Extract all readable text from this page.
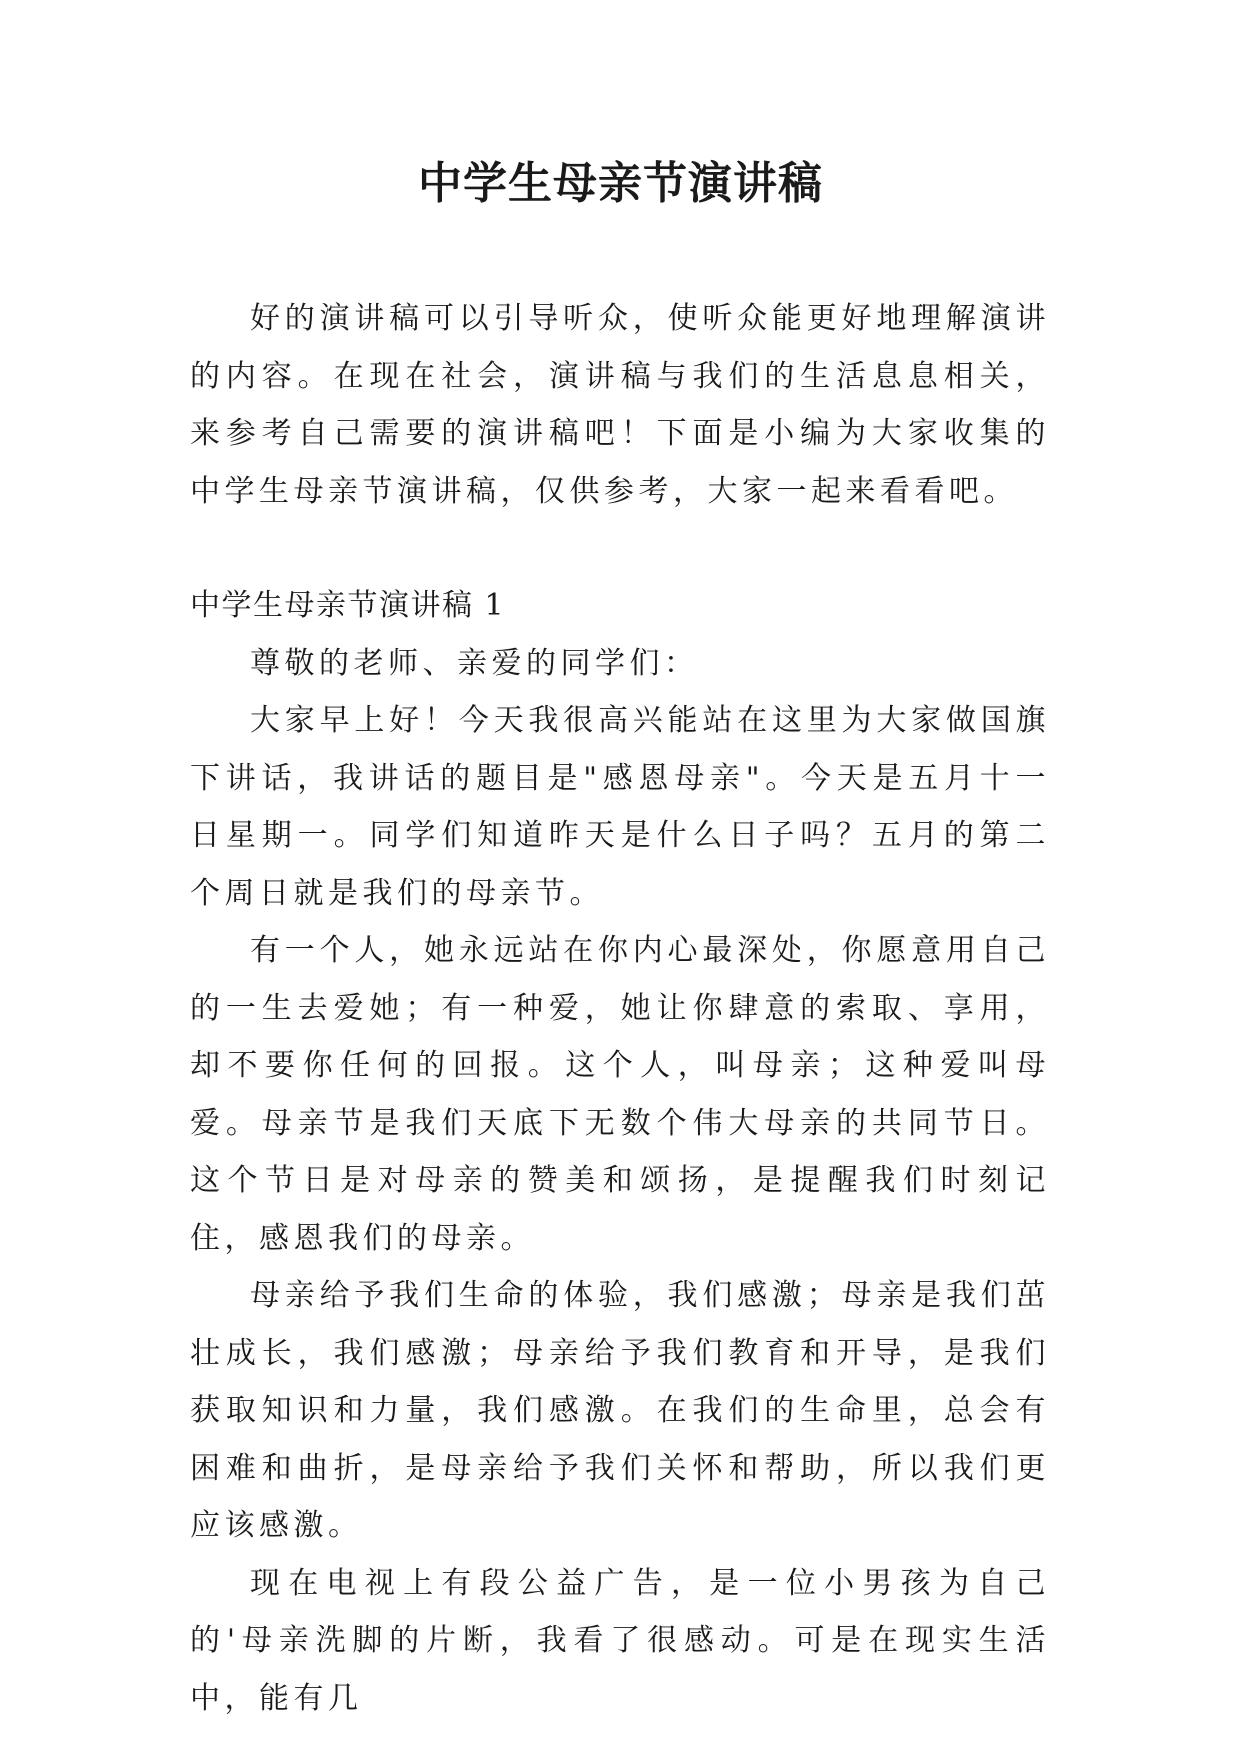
中学生母亲节演讲稿

好的演讲稿可以引导听众，使听众能更好地理解演讲的内容。在现在社会，演讲稿与我们的生活息息相关，来参考自己需要的演讲稿吧！下面是小编为大家收集的中学生母亲节演讲稿，仅供参考，大家一起来看看吧。

中学生母亲节演讲稿 1

尊敬的老师、亲爱的同学们：

大家早上好！今天我很高兴能站在这里为大家做国旗下讲话，我讲话的题目是"感恩母亲"。今天是五月十一日星期一。同学们知道昨天是什么日子吗？五月的第二个周日就是我们的母亲节。

有一个人，她永远站在你内心最深处，你愿意用自己的一生去爱她；有一种爱，她让你肆意的索取、享用，却不要你任何的回报。这个人，叫母亲；这种爱叫母爱。母亲节是我们天底下无数个伟大母亲的共同节日。这个节日是对母亲的赞美和颂扬，是提醒我们时刻记住，感恩我们的母亲。

母亲给予我们生命的体验，我们感激；母亲是我们茁壮成长，我们感激；母亲给予我们教育和开导，是我们获取知识和力量，我们感激。在我们的生命里，总会有困难和曲折，是母亲给予我们关怀和帮助，所以我们更应该感激。

现在电视上有段公益广告，是一位小男孩为自己的'母亲洗脚的片断，我看了很感动。可是在现实生活中，能有几
